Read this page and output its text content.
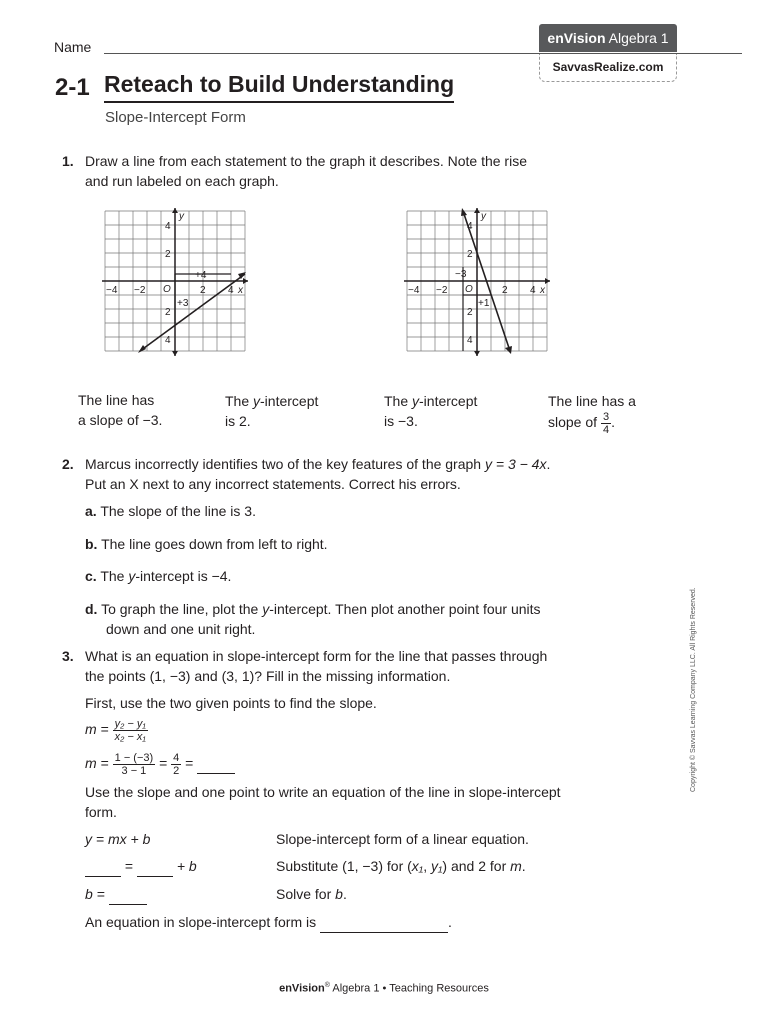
Name
enVision Algebra 1
SavvasRealize.com
2-1 Reteach to Build Understanding
Slope-Intercept Form
1. Draw a line from each statement to the graph it describes. Note the rise
and run labeled on each graph.
−4 −2	2 4
4
2
2
4
O	x
y
+4
+3
−4 −2	2 4
4
2
2
4
O	x
y
−3
+1
The line has
a slope of −3.
The y-intercept
is 2.
The y-intercept
is −3.
The line has a
slope of $\frac{3}{4}$ .
2. Marcus incorrectly identifies two of the key features of the graph y = 3 − 4x.
Put an X next to any incorrect statements. Correct his errors.
a. The slope of the line is 3.
b. The line goes down from left to right.
c. The y-intercept is −4.
d. To graph the line, plot the y-intercept. Then plot another point four units
down and one unit right.
3. What is an equation in slope-intercept form for the line that passes through
the points (1, −3) and (3, 1)? Fill in the missing information.
First, use the two given points to find the slope.
$m = \frac{\text{y₂ − y₁}}{\text{x₂ − x₁}}$
$m = \frac{1 - (-3)}{3 - 1} = \frac{4}{2}$ =
Use the slope and one point to write an equation of the line in slope-intercept
form.
y = mx + b	Slope-intercept form of a linear equation.
=	+ b	Substitute (1, −3) for (x₁, y₁) and 2 for m.
b =	Solve for b.
An equation in slope-intercept form is	.
Copyright © Savvas Learning Company LLC. All Rights Reserved.
enVision® Algebra 1 • Teaching Resources
